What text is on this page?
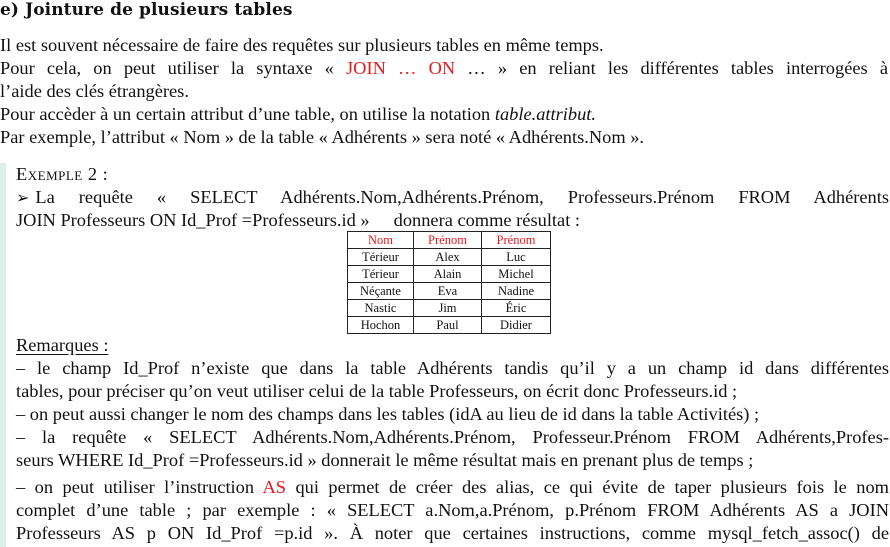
e) Jointure de plusieurs tables
Il est souvent nécessaire de faire des requêtes sur plusieurs tables en même temps.
Pour cela, on peut utiliser la syntaxe « JOIN … ON … » en reliant les différentes tables interrogées à
l’aide des clés étrangères.
Pour accèder à un certain attribut d’une table, on utilise la notation table.attribut.
Par exemple, l’attribut « Nom » de la table « Adhérents » sera noté « Adhérents.Nom ».
Exemple 2 :
➢ La requête « SELECT Adhérents.Nom,Adhérents.Prénom, Professeurs.Prénom FROM Adhérents
JOIN Professeurs ON Id_Prof =Professeurs.id » donnera comme résultat :
Nom	Prénom	Prénom
Térieur	Alex	Luc
Térieur	Alain	Michel
Néçante	Eva	Nadine
Nastic	Jim	Éric
Hochon	Paul	Didier
Remarques :
– le champ Id_Prof n’existe que dans la table Adhérents tandis qu’il y a un champ id dans différentes
tables, pour préciser qu’on veut utiliser celui de la table Professeurs, on écrit donc Professeurs.id ;
– on peut aussi changer le nom des champs dans les tables (idA au lieu de id dans la table Activités) ;
– la requête « SELECT Adhérents.Nom,Adhérents.Prénom, Professeur.Prénom FROM Adhérents,Profes-
seurs WHERE Id_Prof =Professeurs.id » donnerait le même résultat mais en prenant plus de temps ;
– on peut utiliser l’instruction AS qui permet de créer des alias, ce qui évite de taper plusieurs fois le nom
complet d’une table ; par exemple : « SELECT a.Nom,a.Prénom, p.Prénom FROM Adhérents AS a JOIN
Professeurs AS p ON Id_Prof =p.id ». À noter que certaines instructions, comme mysql_fetch_assoc() de
